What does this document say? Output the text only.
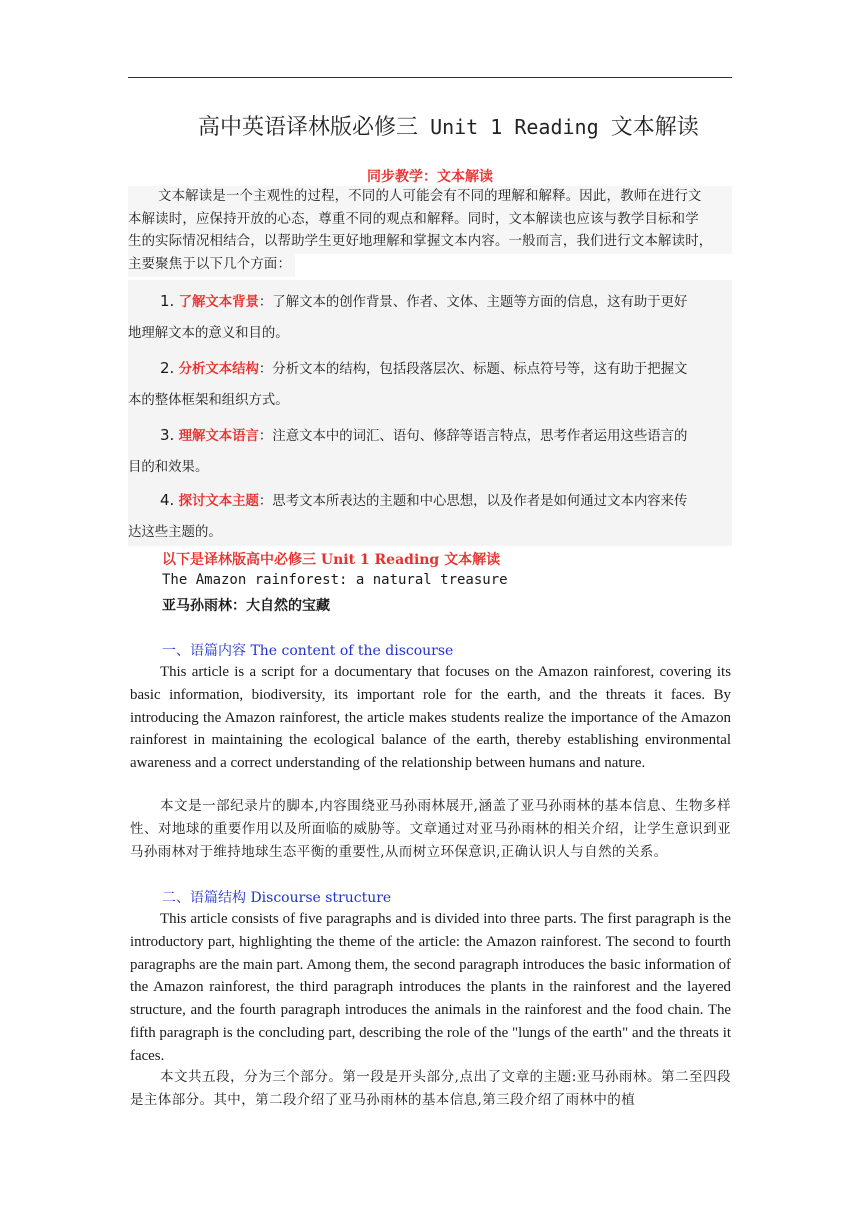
高中英语译林版必修三 Unit 1 Reading 文本解读
同步教学：文本解读
文本解读是一个主观性的过程，不同的人可能会有不同的理解和解释。因此，教师在进行文
本解读时，应保持开放的心态，尊重不同的观点和解释。同时，文本解读也应该与教学目标和学
生的实际情况相结合，以帮助学生更好地理解和掌握文本内容。一般而言，我们进行文本解读时，
主要聚焦于以下几个方面：
1. 了解文本背景：了解文本的创作背景、作者、文体、主题等方面的信息，这有助于更好
地理解文本的意义和目的。
2. 分析文本结构：分析文本的结构，包括段落层次、标题、标点符号等，这有助于把握文
本的整体框架和组织方式。
3. 理解文本语言：注意文本中的词汇、语句、修辞等语言特点，思考作者运用这些语言的
目的和效果。
4. 探讨文本主题：思考文本所表达的主题和中心思想，以及作者是如何通过文本内容来传
达这些主题的。
以下是译林版高中必修三 Unit 1 Reading 文本解读
The Amazon rainforest: a natural treasure
亚马孙雨林：大自然的宝藏
一、语篇内容 The content of the discourse
This article is a script for a documentary that focuses on the Amazon rainforest, covering its basic information, biodiversity, its important role for the earth, and the threats it faces. By introducing the Amazon rainforest, the article makes students realize the importance of the Amazon rainforest in maintaining the ecological balance of the earth, thereby establishing environmental awareness and a correct understanding of the relationship between humans and nature.
本文是一部纪录片的脚本,内容围绕亚马孙雨林展开,涵盖了亚马孙雨林的基本信息、生物多样性、对地球的重要作用以及所面临的威胁等。文章通过对亚马孙雨林的相关介绍，让学生意识到亚马孙雨林对于维持地球生态平衡的重要性,从而树立环保意识,正确认识人与自然的关系。
二、语篇结构 Discourse structure
This article consists of five paragraphs and is divided into three parts. The first paragraph is the introductory part, highlighting the theme of the article: the Amazon rainforest. The second to fourth paragraphs are the main part. Among them, the second paragraph introduces the basic information of the Amazon rainforest, the third paragraph introduces the plants in the rainforest and the layered structure, and the fourth paragraph introduces the animals in the rainforest and the food chain. The fifth paragraph is the concluding part, describing the role of the "lungs of the earth" and the threats it faces.
本文共五段，分为三个部分。第一段是开头部分,点出了文章的主题:亚马孙雨林。第二至四段是主体部分。其中，第二段介绍了亚马孙雨林的基本信息,第三段介绍了雨林中的植
